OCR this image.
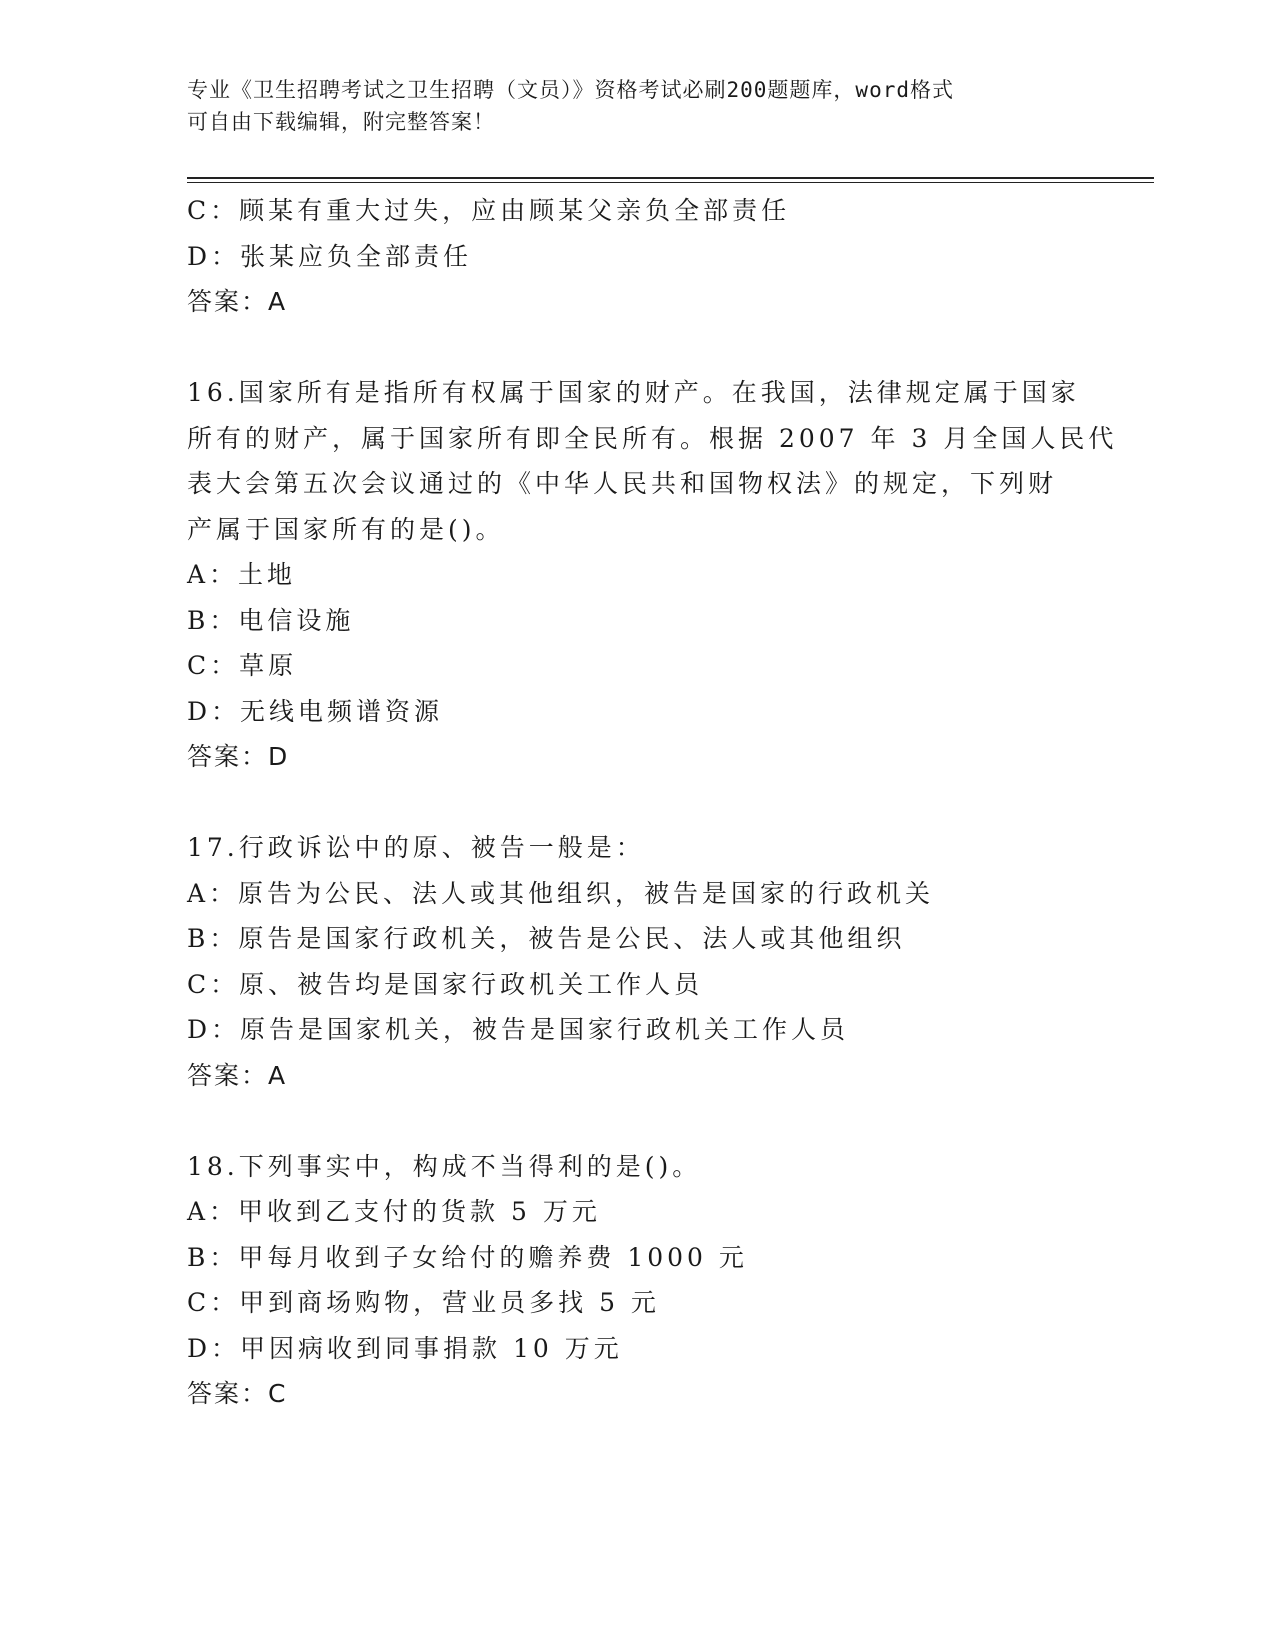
专业《卫生招聘考试之卫生招聘（文员）》资格考试必刷200题题库，word格式
可自由下载编辑，附完整答案！
C：顾某有重大过失，应由顾某父亲负全部责任
D：张某应负全部责任
答案：A
16.国家所有是指所有权属于国家的财产。在我国，法律规定属于国家
所有的财产，属于国家所有即全民所有。根据 2007 年 3 月全国人民代
表大会第五次会议通过的《中华人民共和国物权法》的规定，下列财
产属于国家所有的是()。
A：土地
B：电信设施
C：草原
D：无线电频谱资源
答案：D
17.行政诉讼中的原、被告一般是：
A：原告为公民、法人或其他组织，被告是国家的行政机关
B：原告是国家行政机关，被告是公民、法人或其他组织
C：原、被告均是国家行政机关工作人员
D：原告是国家机关，被告是国家行政机关工作人员
答案：A
18.下列事实中，构成不当得利的是()。
A：甲收到乙支付的货款 5 万元
B：甲每月收到子女给付的赡养费 1000 元
C：甲到商场购物，营业员多找 5 元
D：甲因病收到同事捐款 10 万元
答案：C
